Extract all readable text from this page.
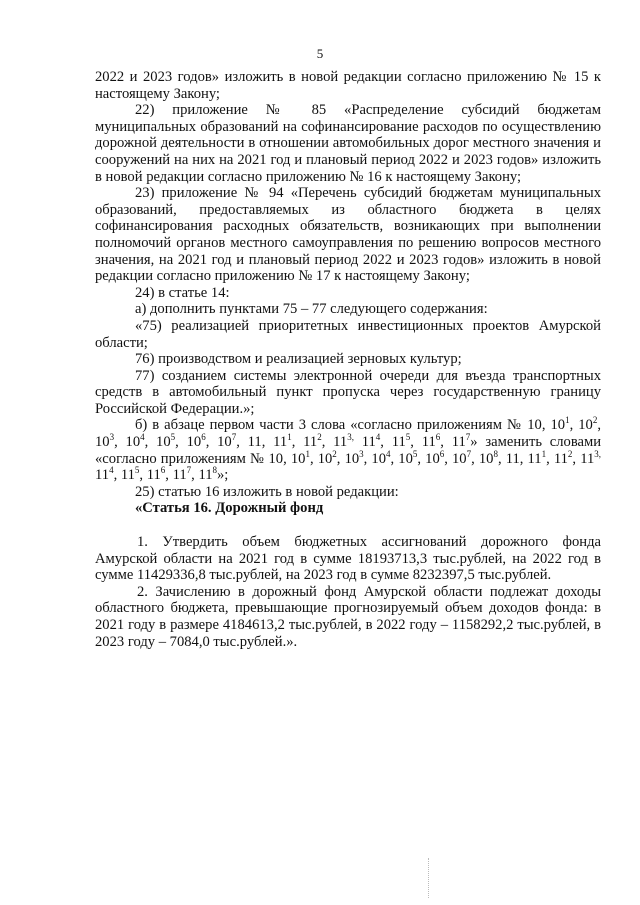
5

2022 и 2023 годов» изложить в новой редакции согласно приложению № 15 к настоящему Закону;

22) приложение № 85 «Распределение субсидий бюджетам муниципальных образований на софинансирование расходов по осуществлению дорожной деятельности в отношении автомобильных дорог местного значения и сооружений на них на 2021 год и плановый период 2022 и 2023 годов» изложить в новой редакции согласно приложению № 16 к настоящему Закону;

23) приложение № 94 «Перечень субсидий бюджетам муниципальных образований, предоставляемых из областного бюджета в целях софинансирования расходных обязательств, возникающих при выполнении полномочий органов местного самоуправления по решению вопросов местного значения, на 2021 год и плановый период 2022 и 2023 годов» изложить в новой редакции согласно приложению № 17 к настоящему Закону;

24) в статье 14:

а) дополнить пунктами 75 – 77 следующего содержания:

«75) реализацией приоритетных инвестиционных проектов Амурской области;

76) производством и реализацией зерновых культур;

77) созданием системы электронной очереди для въезда транспортных средств в автомобильный пункт пропуска через государственную границу Российской Федерации.»;

б) в абзаце первом части 3 слова «согласно приложениям № 10, $10^1$, $10^2$, $10^3$, $10^4$, $10^5$, $10^6$, $10^7$, 11, $11^1$, $11^2$, $11^{3,}$ $11^4$, $11^5$, $11^6$, $11^7$» заменить словами «согласно приложениям № 10, $10^1$, $10^2$, $10^3$, $10^4$, $10^5$, $10^6$, $10^7$, $10^8$, 11, $11^1$, $11^2$, $11^{3,}$ $11^4$, $11^5$, $11^6$, $11^7$, $11^8$»;

25) статью 16 изложить в новой редакции:

«Статья 16. Дорожный фонд

1. Утвердить объем бюджетных ассигнований дорожного фонда Амурской области на 2021 год в сумме 18193713,3 тыс.рублей, на 2022 год в сумме 11429336,8 тыс.рублей, на 2023 год в сумме 8232397,5 тыс.рублей.

2. Зачислению в дорожный фонд Амурской области подлежат доходы областного бюджета, превышающие прогнозируемый объем доходов фонда: в 2021 году в размере 4184613,2 тыс.рублей, в 2022 году – 1158292,2 тыс.рублей, в 2023 году – 7084,0 тыс.рублей.».
